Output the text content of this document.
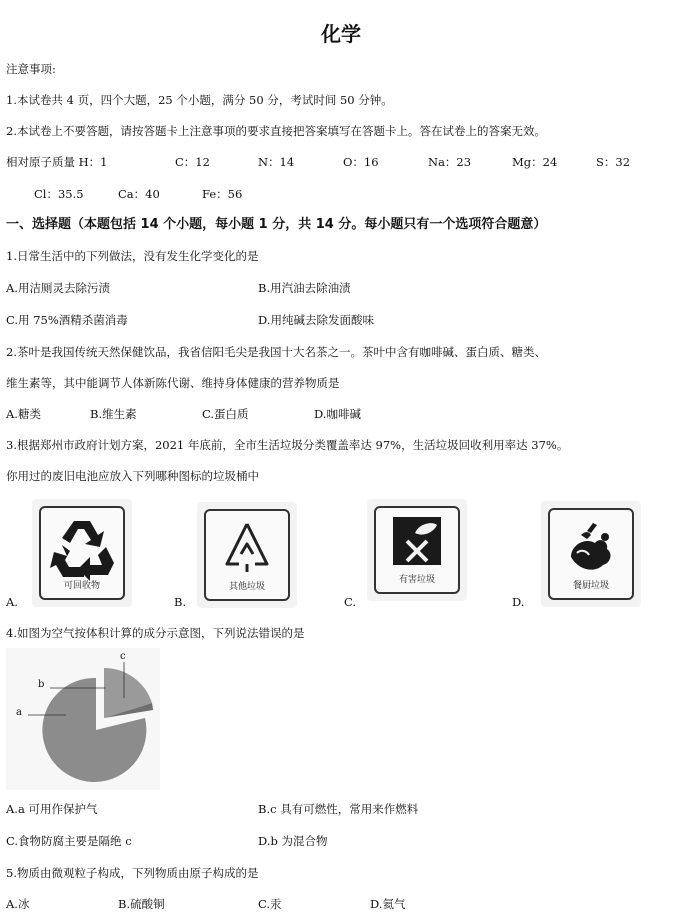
化学
注意事项:
1.本试卷共 4 页，四个大题，25 个小题，满分 50 分，考试时间 50 分钟。
2.本试卷上不要答题，请按答题卡上注意事项的要求直接把答案填写在答题卡上。答在试卷上的答案无效。
相对原子质量 H：1	C：12	N：14	O：16	Na：23	Mg：24	S：32
Cl：35.5	Ca：40	Fe：56
一、选择题（本题包括 14 个小题，每小题 1 分，共 14 分。每小题只有一个选项符合题意）
1.日常生活中的下列做法，没有发生化学变化的是
A.用洁厕灵去除污渍	B.用汽油去除油渍
C.用 75%酒精杀菌消毒	D.用纯碱去除发面酸味
2.茶叶是我国传统天然保健饮品，我省信阳毛尖是我国十大名茶之一。茶叶中含有咖啡碱、蛋白质、糖类、
维生素等，其中能调节人体新陈代谢、维持身体健康的营养物质是
A.糖类	B.维生素	C.蛋白质	D.咖啡碱
3.根据郑州市政府计划方案，2021 年底前，全市生活垃圾分类覆盖率达 97%，生活垃圾回收利用率达 37%。
你用过的废旧电池应放入下列哪种图标的垃圾桶中
可回收物
A.
其他垃圾
B.
有害垃圾
C.
餐厨垃圾
D.
4.如图为空气按体积计算的成分示意图，下列说法错误的是
a
b
c
A.a 可用作保护气	B.c 具有可燃性，常用来作燃料
C.食物防腐主要是隔绝 c	D.b 为混合物
5.物质由微观粒子构成，下列物质由原子构成的是
A.冰	B.硫酸铜	C.汞	D.氦气
